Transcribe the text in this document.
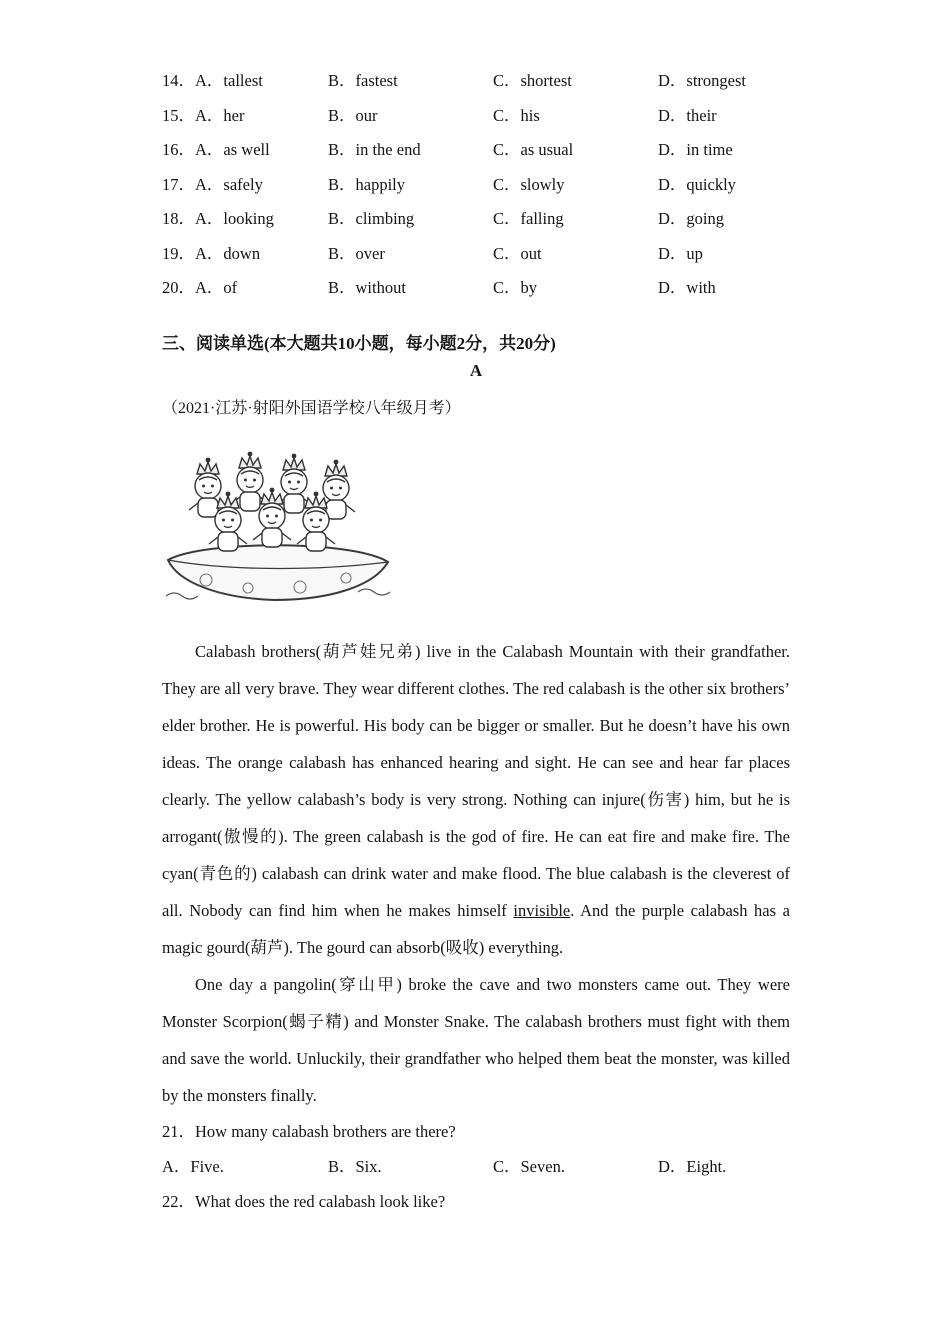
14．A．tallest	B．fastest	C．shortest	D．strongest
15．A．her	B．our	C．his	D．their
16．A．as well	B．in the end	C．as usual	D．in time
17．A．safely	B．happily	C．slowly	D．quickly
18．A．looking	B．climbing	C．falling	D．going
19．A．down	B．over	C．out	D．up
20．A．of	B．without	C．by	D．with
三、阅读单选(本大题共10小题，每小题2分，共20分)
A
（2021·江苏·射阳外国语学校八年级月考）

Calabash brothers(葫芦娃兄弟) live in the Calabash Mountain with their grandfather. They are all very brave. They wear different clothes. The red calabash is the other six brothers’ elder brother. He is powerful. His body can be bigger or smaller. But he doesn’t have his own ideas. The orange calabash has enhanced hearing and sight. He can see and hear far places clearly. The yellow calabash’s body is very strong. Nothing can injure(伤害) him, but he is arrogant(傲慢的). The green calabash is the god of fire. He can eat fire and make fire. The cyan(青色的) calabash can drink water and make flood. The blue calabash is the cleverest of all. Nobody can find him when he makes himself invisible. And the purple calabash has a magic gourd(葫芦). The gourd can absorb(吸收) everything.

One day a pangolin(穿山甲) broke the cave and two monsters came out. They were Monster Scorpion(蝎子精) and Monster Snake. The calabash brothers must fight with them and save the world. Unluckily, their grandfather who helped them beat the monster, was killed by the monsters finally.

21．How many calabash brothers are there?
A．Five.	B．Six.	C．Seven.	D．Eight.
22．What does the red calabash look like?
